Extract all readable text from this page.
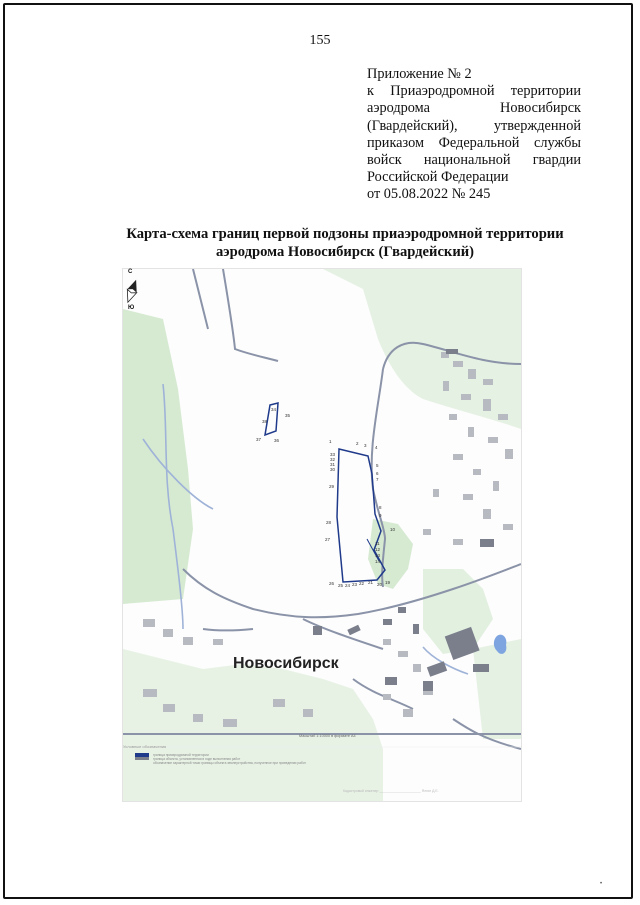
155
Приложение № 2
к Приаэродромной территории
аэродрома Новосибирск
(Гвардейский), утвержденной
приказом Федеральной службы
войск национальной гвардии
Российской Федерации
от 05.08.2022 № 245
Карта-схема границ первой подзоны приаэродромной территории
аэродрома Новосибирск (Гвардейский)
1	2 3 4
5
6
7
8
9
10
11
12
13
14
19
20
21
22
23
24
25
26
27
28
29
30
31
32
33
34
35
36
37
38
С
Ю
Новосибирск
Масштаб 1:10000 в формате А4
Условные обозначения
граница приаэродромной территории
граница объекта, установленная в ходе выполнения работ
обозначение характерной точки границы объекта землеустройства, полученное при проведении работ
Кадастровый инженер ______________________ Ялгин Д.Е.
•
